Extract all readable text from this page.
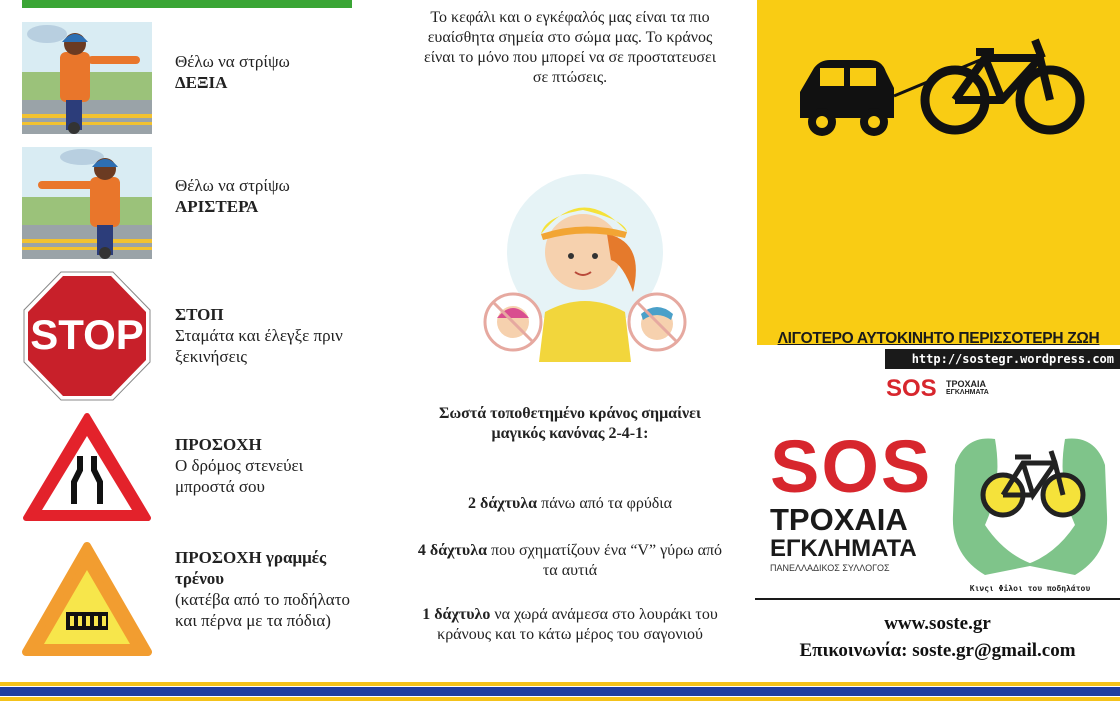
Θέλω να στρίψω
ΔΕΞΙΑ
Θέλω να στρίψω
ΑΡΙΣΤΕΡΑ
STOP ΣΤΟΠ
Σταμάτα και έλεγξε πριν ξεκινήσεις
ΠΡΟΣΟΧΗ
Ο δρόμος στενεύει μπροστά σου
ΠΡΟΣΟΧΗ γραμμές τρένου
(κατέβα από το ποδήλατο και πέρνα με τα πόδια)
Το κεφάλι και ο εγκέφαλός μας είναι τα πιο ευαίσθητα σημεία στο σώμα μας. Το κράνος είναι το μόνο που μπορεί να σε προστατευσει σε πτώσεις.
Σωστά τοποθετημένο κράνος σημαίνει μαγικός κανόνας 2-4-1:
2 δάχτυλα πάνω από τα φρύδια
4 δάχτυλα που σχηματίζουν ένα “V” γύρω από τα αυτιά
1 δάχτυλο να χωρά ανάμεσα στο λουράκι του κράνους και το κάτω μέρος του σαγονιού
ΛΙΓΟΤΕΡΟ ΑΥΤΟΚΙΝΗΤΟ ΠΕΡΙΣΣΟΤΕΡΗ ΖΩΗ
http://sostegr.wordpress.com
SOS ΤΡΟΧΑΙΑ
ΕΓΚΛΗΜΑΤΑ
SOS
ΤΡΟΧΑΙΑ
ΕΓΚΛΗΜΑΤΑ
ΠΑΝΕΛΛΑΔΙΚΟΣ ΣΥΛΛΟΓΟΣ
Κινςι Φiλοι του ποδηλάτου
www.soste.gr
Επικοινωνία: soste.gr@gmail.com
